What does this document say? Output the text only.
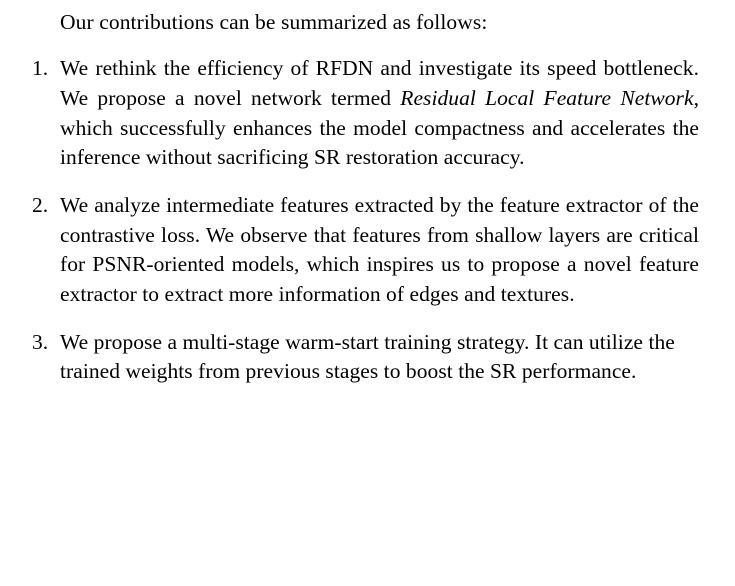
Our contributions can be summarized as follows:

1. We rethink the efficiency of RFDN and investigate its speed bottleneck. We propose a novel network termed Residual Local Feature Network, which successfully enhances the model compactness and accelerates the inference without sacrificing SR restoration accuracy.
2. We analyze intermediate features extracted by the feature extractor of the contrastive loss. We observe that features from shallow layers are critical for PSNR-oriented models, which inspires us to propose a novel feature extractor to extract more information of edges and textures.
3. We propose a multi-stage warm-start training strategy. It can utilize the trained weights from previous stages to boost the SR performance.
